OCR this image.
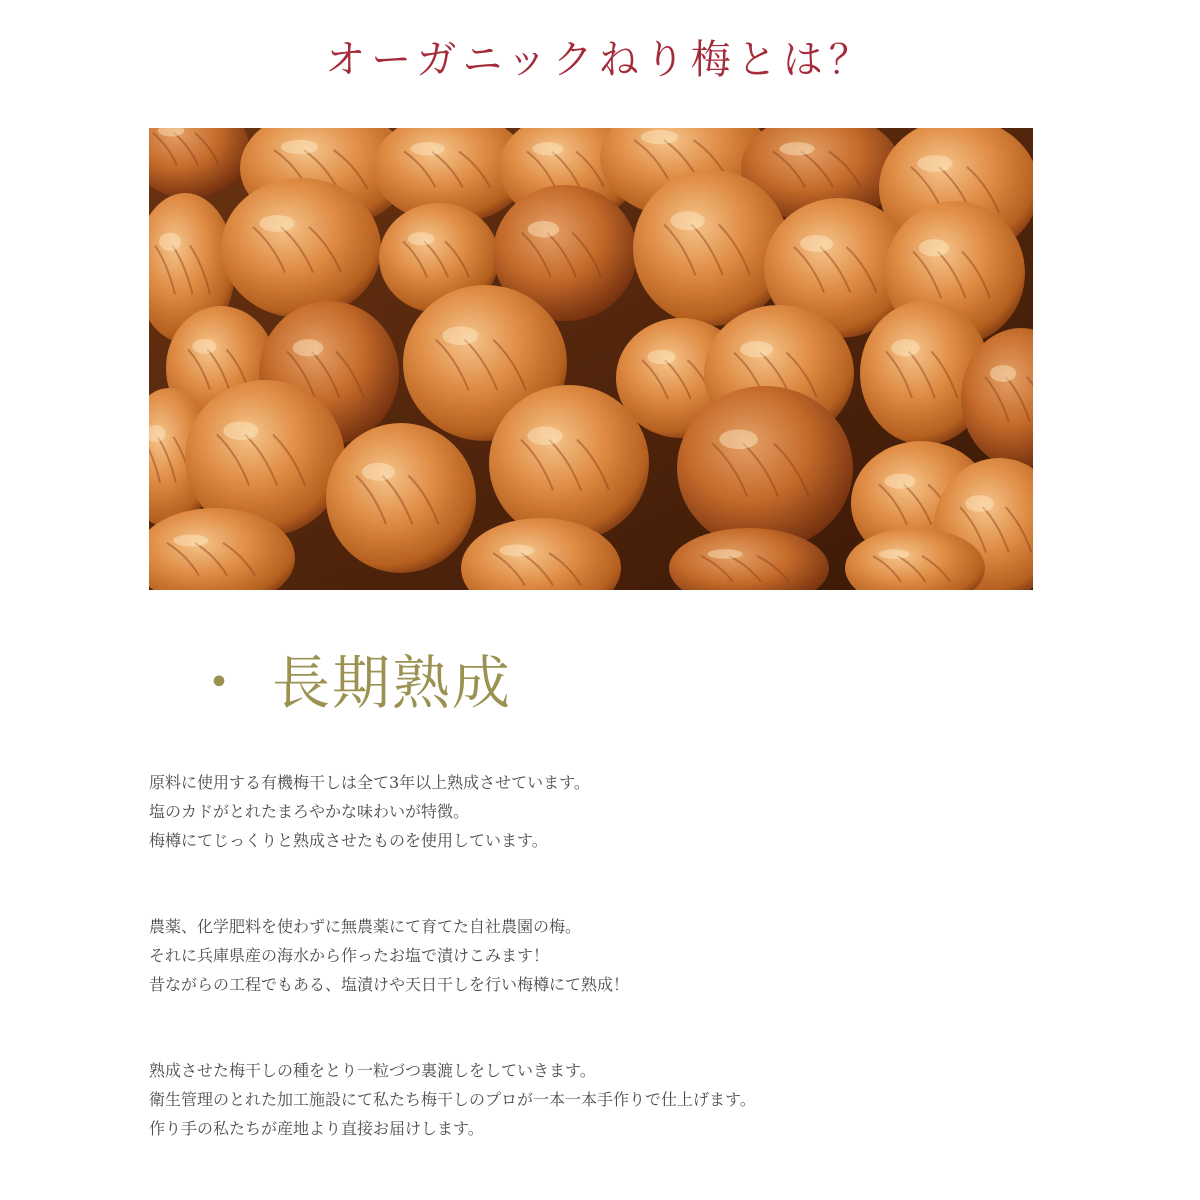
オーガニックねり梅とは？
・ 長期熟成
原料に使用する有機梅干しは全て3年以上熟成させています。
塩のカドがとれたまろやかな味わいが特徴。
梅樽にてじっくりと熟成させたものを使用しています。
農薬、化学肥料を使わずに無農薬にて育てた自社農園の梅。
それに兵庫県産の海水から作ったお塩で漬けこみます！
昔ながらの工程でもある、塩漬けや天日干しを行い梅樽にて熟成！
熟成させた梅干しの種をとり一粒づつ裏漉しをしていきます。
衛生管理のとれた加工施設にて私たち梅干しのプロが一本一本手作りで仕上げます。
作り手の私たちが産地より直接お届けします。
